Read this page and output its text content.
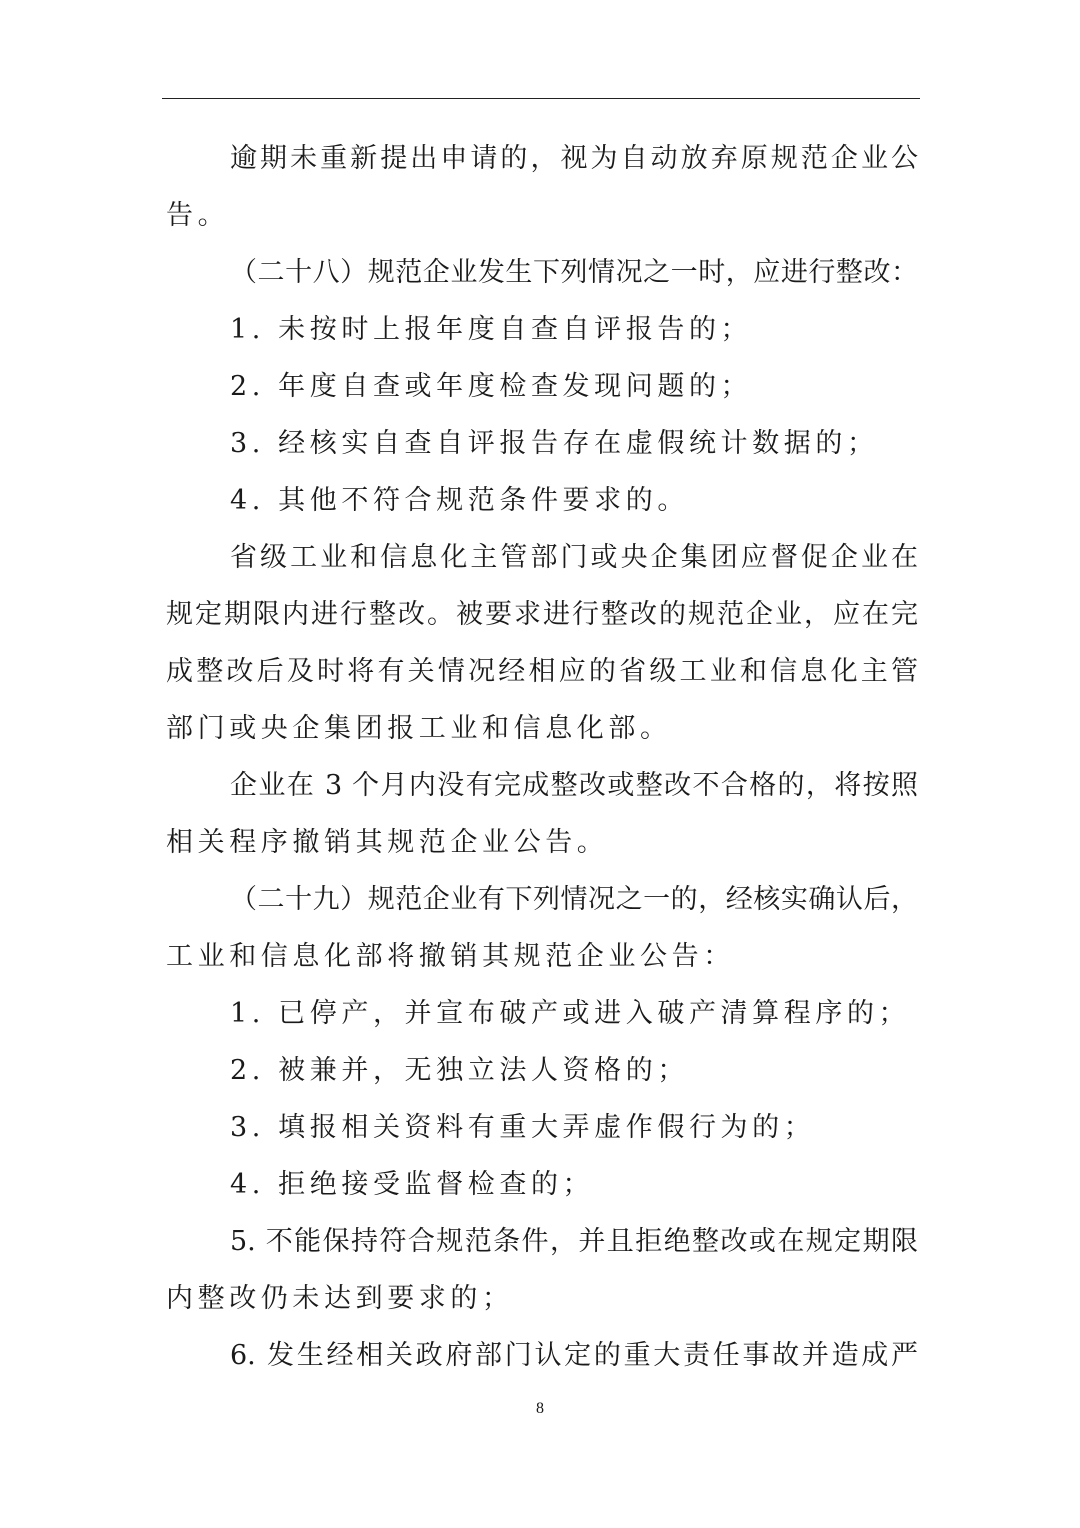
逾期未重新提出申请的，视为自动放弃原规范企业公
告。
（二十八）规范企业发生下列情况之一时，应进行整改：
1. 未按时上报年度自查自评报告的；
2. 年度自查或年度检查发现问题的；
3. 经核实自查自评报告存在虚假统计数据的；
4. 其他不符合规范条件要求的。
省级工业和信息化主管部门或央企集团应督促企业在
规定期限内进行整改。被要求进行整改的规范企业，应在完
成整改后及时将有关情况经相应的省级工业和信息化主管
部门或央企集团报工业和信息化部。
企业在 3 个月内没有完成整改或整改不合格的，将按照
相关程序撤销其规范企业公告。
（二十九）规范企业有下列情况之一的，经核实确认后，
工业和信息化部将撤销其规范企业公告：
1. 已停产，并宣布破产或进入破产清算程序的；
2. 被兼并，无独立法人资格的；
3. 填报相关资料有重大弄虚作假行为的；
4. 拒绝接受监督检查的；
5. 不能保持符合规范条件，并且拒绝整改或在规定期限
内整改仍未达到要求的；
6. 发生经相关政府部门认定的重大责任事故并造成严
8
